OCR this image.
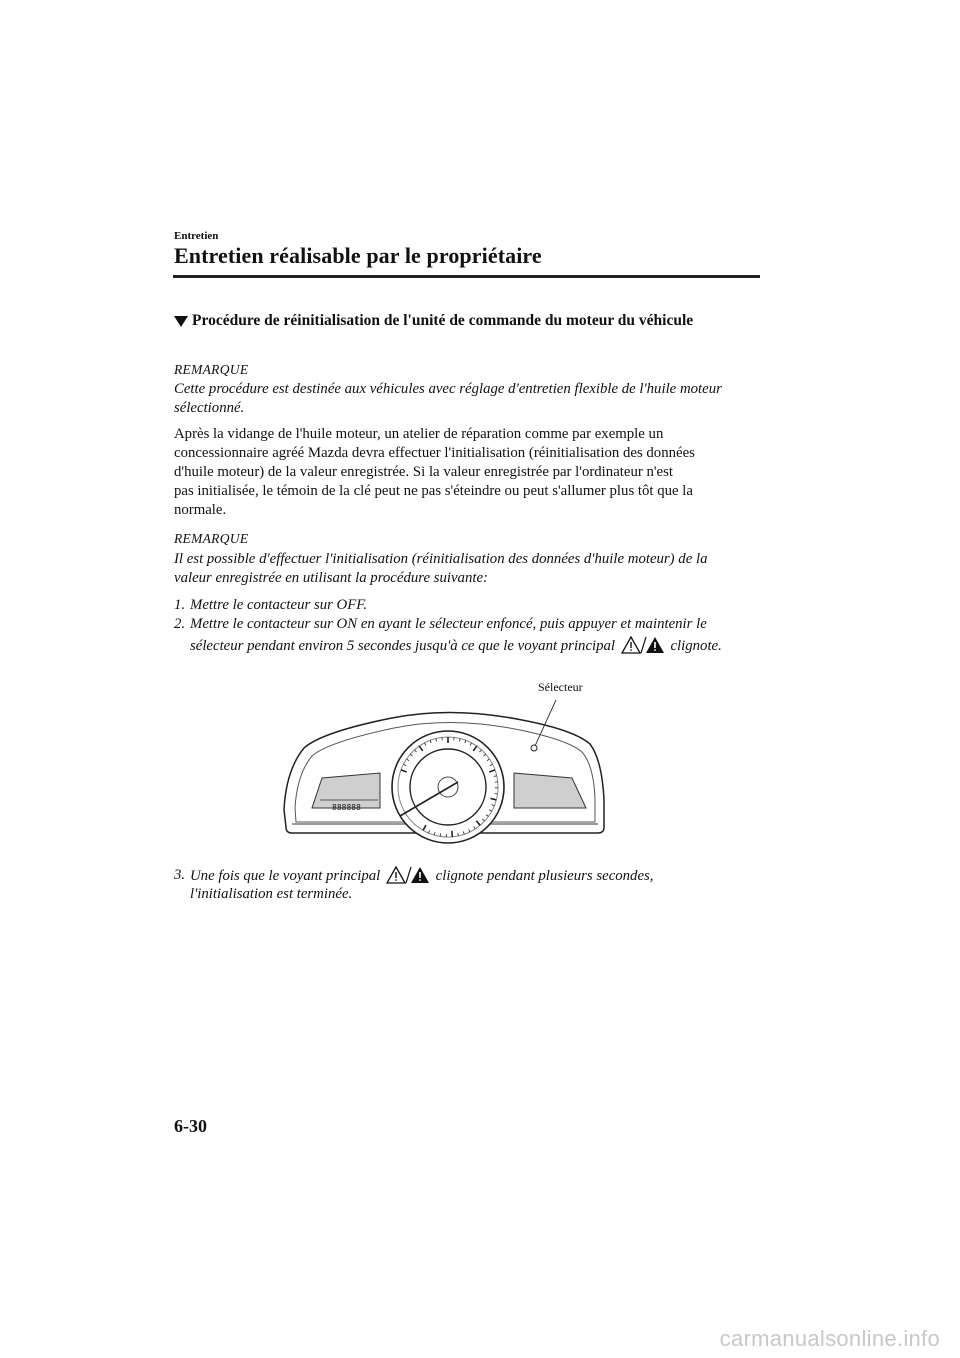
Entretien
Entretien réalisable par le propriétaire
Procédure de réinitialisation de l'unité de commande du moteur du véhicule
REMARQUE
Cette procédure est destinée aux véhicules avec réglage d'entretien flexible de l'huile moteur
sélectionné.
Après la vidange de l'huile moteur, un atelier de réparation comme par exemple un
concessionnaire agréé Mazda devra effectuer l'initialisation (réinitialisation des données
d'huile moteur) de la valeur enregistrée. Si la valeur enregistrée par l'ordinateur n'est
pas initialisée, le témoin de la clé peut ne pas s'éteindre ou peut s'allumer plus tôt que la
normale.
REMARQUE
Il est possible d'effectuer l'initialisation (réinitialisation des données d'huile moteur) de la
valeur enregistrée en utilisant la procédure suivante:
1. Mettre le contacteur sur OFF.
2. Mettre le contacteur sur ON en ayant le sélecteur enfoncé, puis appuyer et maintenir le
sélecteur pendant environ 5 secondes jusqu'à ce que le voyant principal	clignote.
Sélecteur
888888
3. Une fois que le voyant principal	clignote pendant plusieurs secondes,
l'initialisation est terminée.
6-30
carmanualsonline.info
